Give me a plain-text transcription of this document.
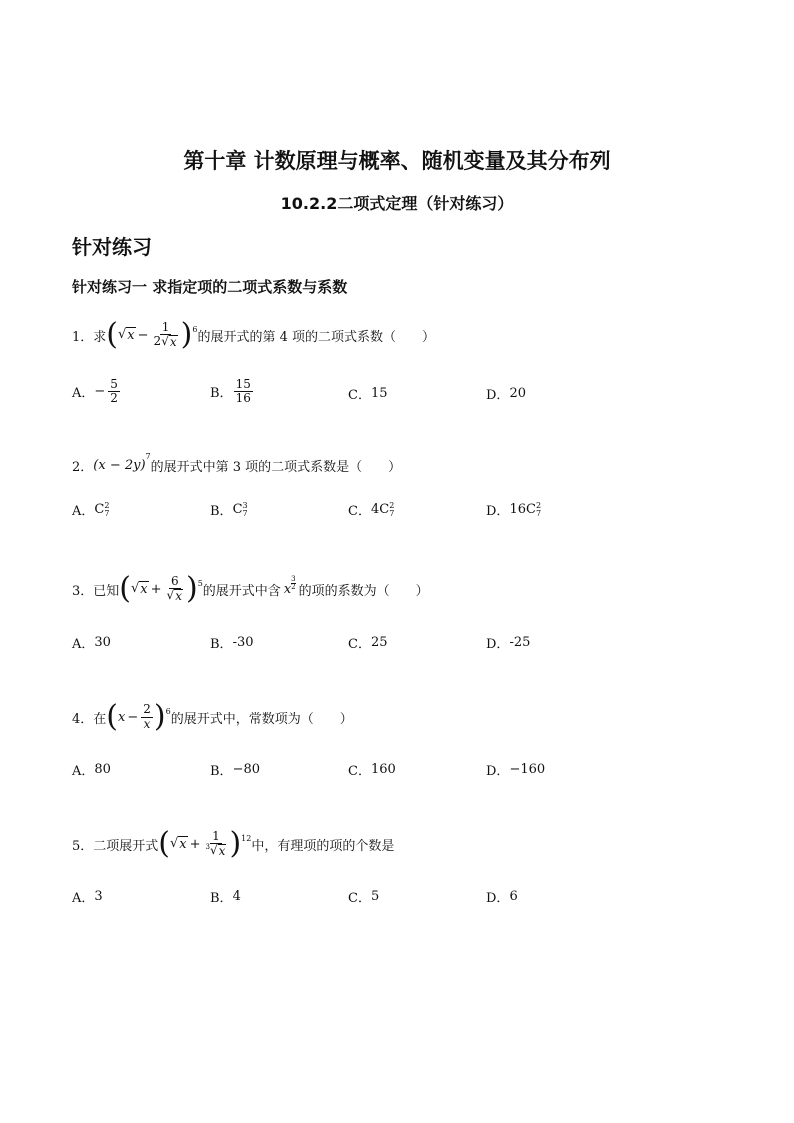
第十章 计数原理与概率、随机变量及其分布列
10.2.2二项式定理（针对练习）
针对练习
针对练习一 求指定项的二项式系数与系数
1．求 ( √ $x - \frac{1}{2√ x}$ ) 6
的展开式的第 4 项的二项式系数（　　）
A． − $\frac{5}{2}$	B． $\frac{15}{16}$	C． 15	D． 20
2． $(x - 2y)^7$
的展开式中第 3 项的二项式系数是（　　）
A． C 2
7	B． C 3
7	C． 4 C 2
7	D． 16 C 2
7
3．已知 ( √ $x + \frac{6}{√ x}$ ) 5
的展开式中含 x $\frac{3}{2}$
的项的系数为（　　）
A． 30	B． -30	C． 25	D． -25
4．在 ( $x - \frac{2}{x}$ ) 6
的展开式中，常数项为（　　）
A． 80	B． −80	C． 160	D． −160
5．二项展开式 ( √ $x + \frac{1}{^3√ x}$ ) 12
中，有理项的项的个数是
A． 3	B． 4	C． 5	D． 6
